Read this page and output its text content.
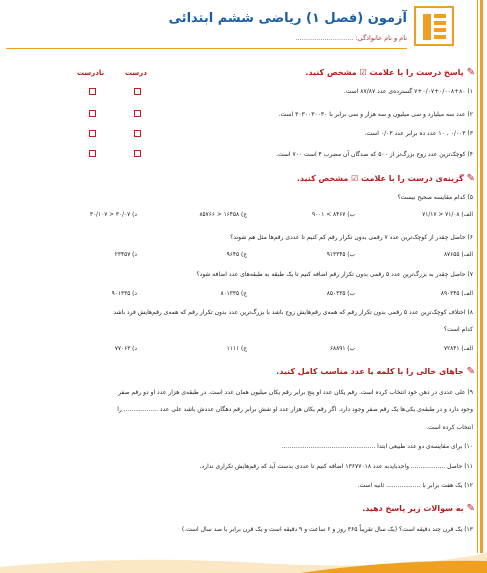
آزمون (فصل ۱) ریاضی ششم ابتدائی
نام و نام خانوادگی: ............................
✎پاسخ درست را با علامت ☑ مشخص کنید.
درست
نادرست
۱) ۷+۰/۰۷+۰/۰۰۸+۸۰ گسترده‌ی عدد ۸۷/۸۷ است.
۲) عدد سه میلیارد و سی میلیون و سه هزار و سی برابر با ۳۰۳۰۰۳۰۰۳۰ است.
۳) ۰/۰۰۳ ، ۱۰ عدد ده برابر عدد ۰/۰۳ است.
۴) کوچک‌ترین عدد زوج بزرگ‌تر از ۵۰۰ که صدگان آن مضرب ۴ است ۷۰۰ است.
✎گزینه‌ی درست را با علامت ☑ مشخص کنید.
۵) کدام مقایسه صحیح نیست؟
الف) ۷۱/۰۸ < ۷۱/۱۷
ب) ۸۴۶۷ > ۹۰۰۱
ج) ۱۶۴۵۸ < ۸۵۷۶۶
د) ۳۰/۰۷ < ۳۰/۱۰۷
۶) حاصل چقدر از کوچک‌ترین عدد ۷ رقمی بدون تکرار رقم کم کنیم تا عددی رقم‌ها مثل هم شوند؟
الف) ۸۷۶۵۵
ب) ۹۱۳۳۴۵
ج) ۹۶۴۵
د) ۲۳۴۵۷
۷) حاصل چقدر به بزرگ‌ترین عدد ۵ رقمی بدون تکرار رقم اضافه کنیم تا یک طبقه به طبقه‌های عدد اضافه شود؟
الف) ۸۹۰۳۴۵
ب) ۸۵۰۳۳۵
ج) ۸۰۱۳۳۵
د) ۹۰۱۳۳۵
۸) اختلاف کوچک‌ترین عدد ۵ رقمی بدون تکرار رقم که همه‌ی رقم‌هایش زوج باشد با بزرگ‌ترین عدد بدون تکرار رقم که همه‌ی رقم‌هایش فرد باشد
کدام است؟
الف) ۷۲۸۴۱
ب) ۶۸۸۹۱
ج) ۱۱۱۱
د) ۷۷۰۶۳
✎جاهای خالی را با کلمه یا عدد مناسب کامل کنید.
۹) علی عددی در ذهن خود انتخاب کرده است. رقم یکان عدد او پنج برابر رقم یکان میلیون همان عدد است. در طبقه‌ی هزار عدد او دو رقم صفر
وجود دارد و در طبقه‌ی یکی‌ها یک رقم صفر وجود دارد. اگر رقم یکان هزار عدد او شش برابر رقم دهگان عددش باشد علی عدد .................. را
انتخاب کرده است.
۱۰) برای مقایسه‌ی دو عدد طبیعی ابتدا .................................................
۱۱) حاصل .................. واحدبایدبه عدد ۱۳۶۷۷۰۱۸ اضافه کنیم تا عددی بدست آید که رقم‌هایش تکراری ندارد.
۱۲) یک هفت برابر با .................. ثانیه است.
✎به سوالات زیر پاسخ دهید.
۱۳) یک قرن چند دقیقه است؟ (یک سال تقریباً ۳۶۵ روز و ۶ ساعت و ۹ دقیقه است و یک قرن برابر با صد سال است.)
